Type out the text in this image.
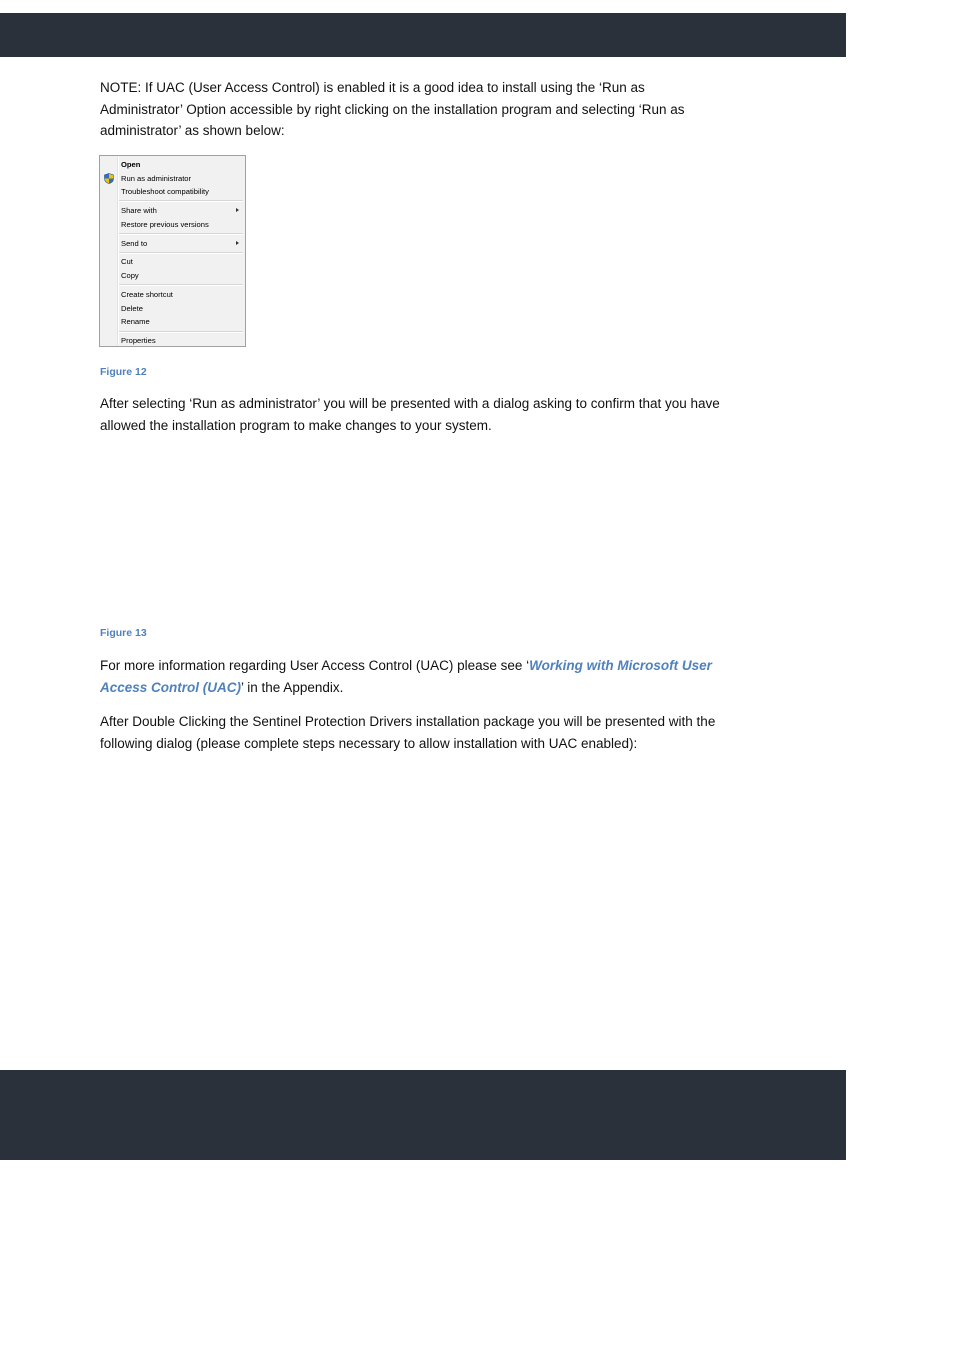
NOTE: If UAC (User Access Control) is enabled it is a good idea to install using the ‘Run as Administrator’ Option accessible by right clicking on the installation program and selecting ‘Run as administrator’ as shown below:

Open
Run as administrator
Troubleshoot compatibility
Share with
Restore previous versions
Send to
Cut
Copy
Create shortcut
Delete
Rename
Properties
Figure 12

After selecting ‘Run as administrator’ you will be presented with a dialog asking to confirm that you have allowed the installation program to make changes to your system.

Figure 13

For more information regarding User Access Control (UAC) please see ‘Working with Microsoft User Access Control (UAC)’ in the Appendix.

After Double Clicking the Sentinel Protection Drivers installation package you will be presented with the following dialog (please complete steps necessary to allow installation with UAC enabled):
